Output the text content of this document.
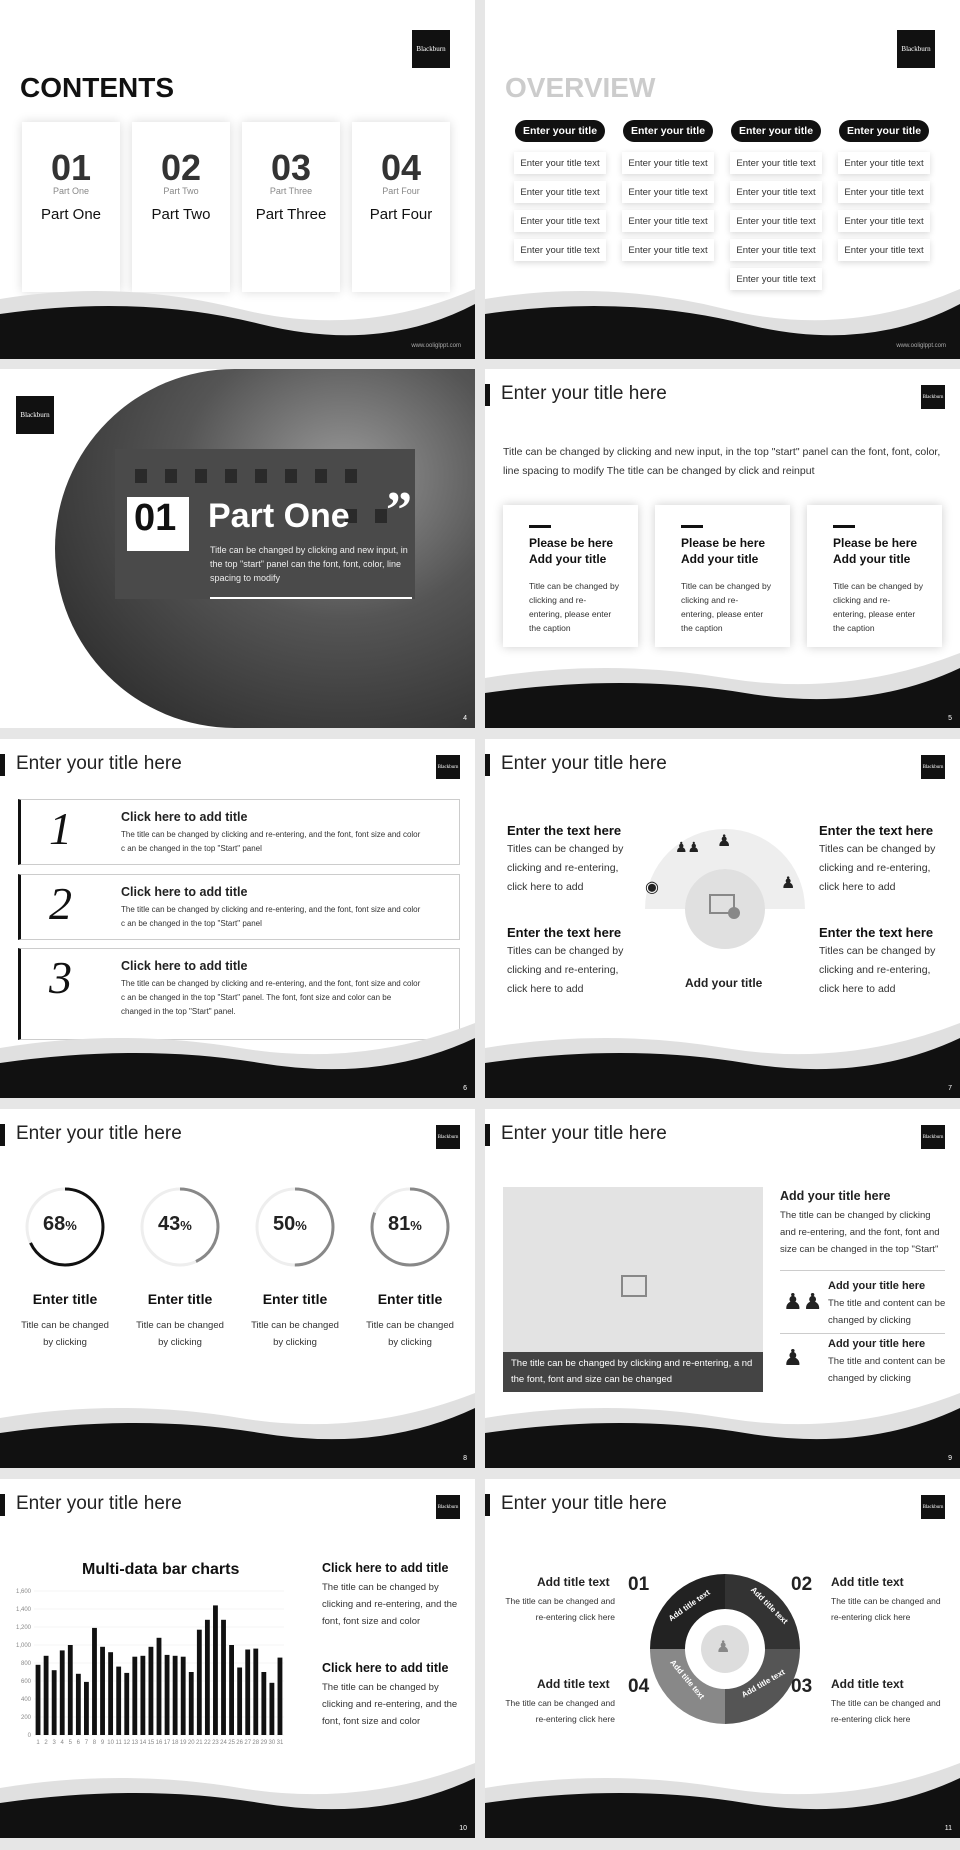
Blackburn
CONTENTS
01
Part One
Part One
02
Part Two
Part Two
03
Part Three
Part Three
04
Part Four
Part Four
www.ooliglppt.com
Blackburn
OVERVIEW
Enter your title
Enter your title text
Enter your title text
Enter your title text
Enter your title text
Enter your title
Enter your title text
Enter your title text
Enter your title text
Enter your title text
Enter your title
Enter your title text
Enter your title text
Enter your title text
Enter your title text
Enter your title text
Enter your title
Enter your title text
Enter your title text
Enter your title text
Enter your title text
www.ooliglppt.com
Blackburn
01 Part One ”
Title can be changed by clicking and new input, in the top "start" panel can the font, font, color, line spacing to modify
4
Enter your title here	Blackburn
Title can be changed by clicking and new input, in the top "start" panel can the font, font, color, line spacing to modify The title can be changed by click and reinput
Please be here
Add your title
Title can be changed by clicking and re-entering, please enter the caption
Please be here
Add your title
Title can be changed by clicking and re-entering, please enter the caption
Please be here
Add your title
Title can be changed by clicking and re-entering, please enter the caption
5
Enter your title here	Blackburn
1	Click here to add title
The title can be changed by clicking and re-entering, and the font, font size and color c an be changed in the top "Start" panel
2	Click here to add title
The title can be changed by clicking and re-entering, and the font, font size and color c an be changed in the top "Start" panel
3	Click here to add title
The title can be changed by clicking and re-entering, and the font, font size and color c an be changed in the top "Start" panel. The font, font size and color can be changed in the top "Start" panel.
6
Enter your title here	Blackburn
Enter the text here
Titles can be changed by clicking and re-entering, click here to add
Enter the text here
Titles can be changed by clicking and re-entering, click here to add
Enter the text here
Titles can be changed by clicking and re-entering, click here to add
Enter the text here
Titles can be changed by clicking and re-entering, click here to add
♟♟ ♟
◉	♟
Add your title
7
Enter your title here	Blackburn
68%
Enter title
Title can be changed by clicking
43%
Enter title
Title can be changed by clicking
50%
Enter title
Title can be changed by clicking
81%
Enter title
Title can be changed by clicking
8
Enter your title here	Blackburn
The title can be changed by clicking and re-entering, a nd the font, font and size can be changed
Add your title here
The title can be changed by clicking and re-entering, and the font, font and size can be changed in the top "Start"
♟♟
Add your title here
The title and content can be changed by clicking
♟
Add your title here
The title and content can be changed by clicking
9
Enter your title here	Blackburn
Multi-data bar charts
0
200
400
600
800
1,000
1,200
1,400
1,600
1 2 3 4 5 6 7 8 9 10 11 12 13 14 15 16 17 18 19 20 21 22 23 24 25 26 27 28 29 30 31
Click here to add title
The title can be changed by clicking and re-entering, and the font, font size and color
Click here to add title
The title can be changed by clicking and re-entering, and the font, font size and color
10
Enter your title here	Blackburn
Add title text	Add title text
Add title text
Add title text
♟
01
Add title text
The title can be changed and re-entering click here
02 Add title text
The title can be changed and re-entering click here
03 Add title text
The title can be changed and re-entering click here
04
Add title text
The title can be changed and re-entering click here
11
